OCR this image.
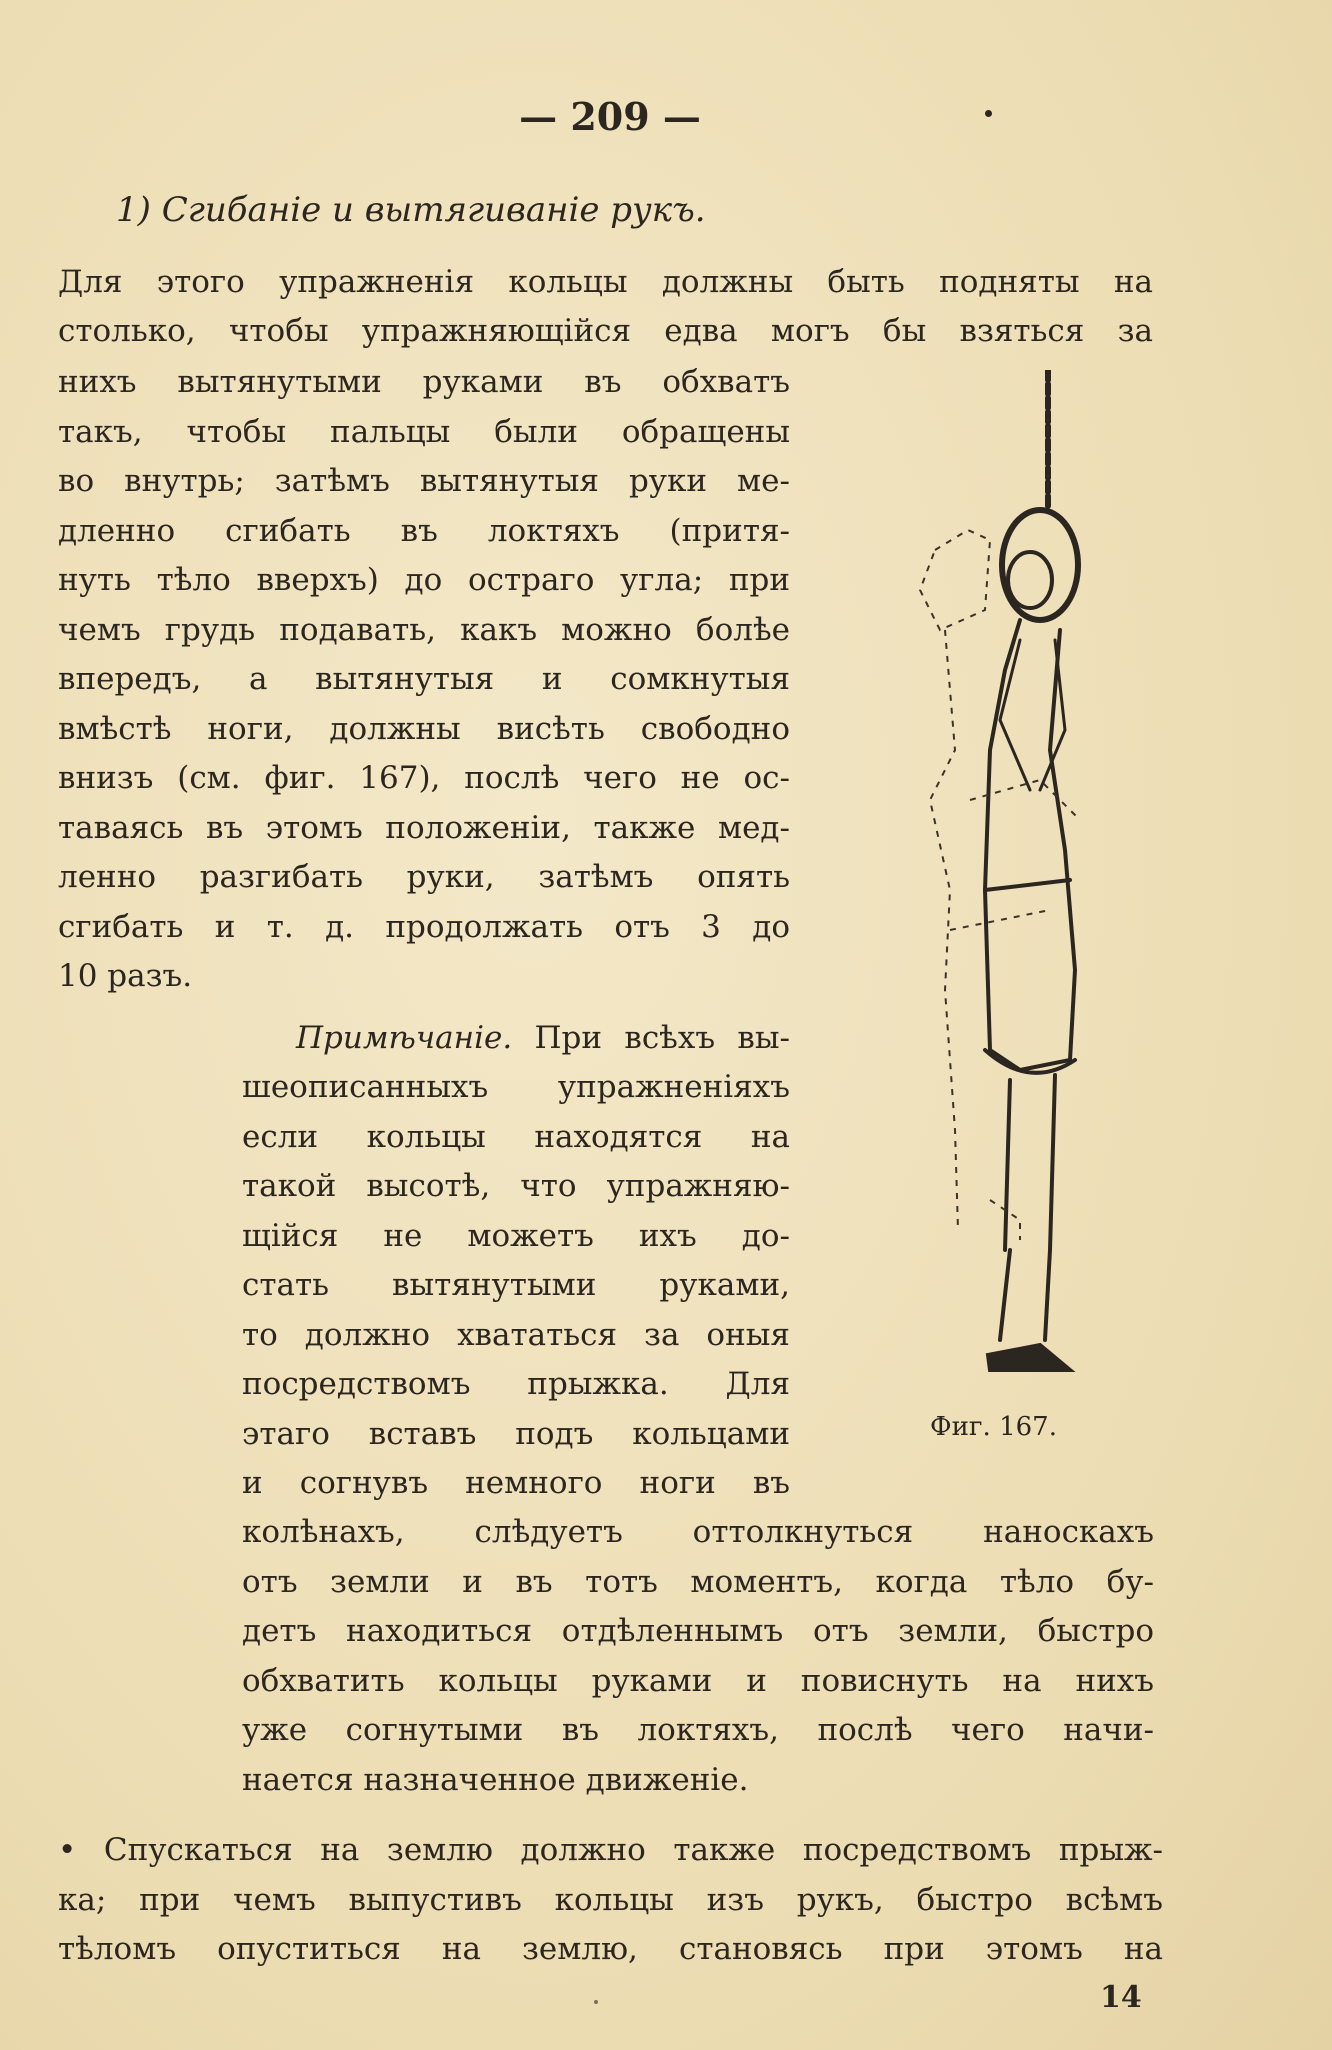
— 209 —
1) Сгибаніе и вытягиваніе рукъ.
Для этого упражненія кольцы должны быть подняты на
столько, чтобы упражняющійся едва могъ бы взяться за
нихъ вытянутыми руками въ обхватъ
такъ, чтобы пальцы были обращены
во внутрь; затѣмъ вытянутыя руки ме-
дленно сгибать въ локтяхъ (притя-
нуть тѣло вверхъ) до остраго угла; при
чемъ грудь подавать, какъ можно болѣе
впередъ, а вытянутыя и сомкнутыя
вмѣстѣ ноги, должны висѣть свободно
внизъ (см. фиг. 167), послѣ чего не ос-
таваясь въ этомъ положеніи, также мед-
ленно разгибать руки, затѣмъ опять
сгибать и т. д. продолжать отъ 3 до
10 разъ.
Примѣчаніе. При всѣхъ вы-
шеописанныхъ упражненіяхъ
если кольцы находятся на
такой высотѣ, что упражняю-
щійся не можетъ ихъ до-
стать вытянутыми руками,
то должно хвататься за оныя
посредствомъ прыжка. Для
этаго вставъ подъ кольцами
и согнувъ немного ноги въ
колѣнахъ, слѣдуетъ оттолкнуться наноскахъ
отъ земли и въ тотъ моментъ, когда тѣло бу-
детъ находиться отдѣленнымъ отъ земли, быстро
обхватить кольцы руками и повиснуть на нихъ
уже согнутыми въ локтяхъ, послѣ чего начи-
нается назначенное движеніе.
• Спускаться на землю должно также посредствомъ прыж-
ка; при чемъ выпустивъ кольцы изъ рукъ, быстро всѣмъ
тѣломъ опуститься на землю, становясь при этомъ на
Фиг. 167.
14
